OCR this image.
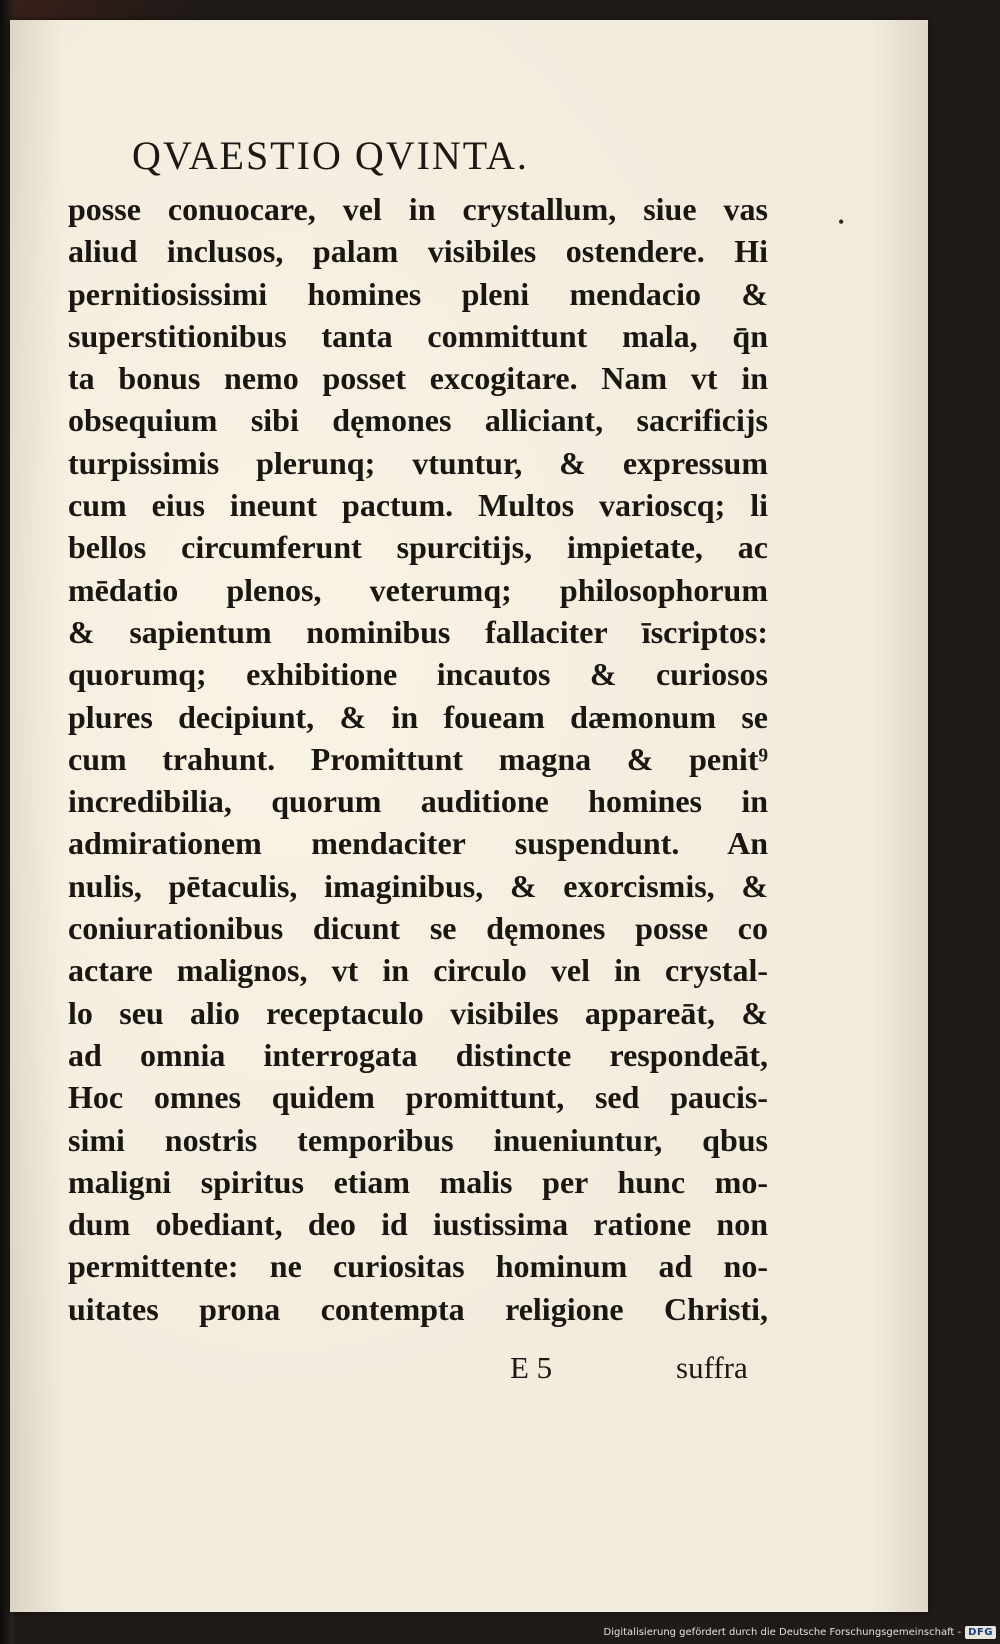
QVAESTIO QVINTA.
•
posse conuocare, vel in crystallum, siue vas
aliud inclusos, palam visibiles ostendere. Hi
pernitiosissimi homines pleni mendacio &
superstitionibus tanta committunt mala, q̄n
ta bonus nemo posset excogitare. Nam vt in
obsequium sibi dęmones alliciant, sacrificijs
turpissimis plerunq; vtuntur, & expressum
cum eius ineunt pactum. Multos varioscq; li
bellos circumferunt spurcitijs, impietate, ac
mēdatio plenos, veterumq; philosophorum
& sapientum nominibus fallaciter īscriptos:
quorumq; exhibitione incautos & curiosos
plures decipiunt, & in foueam dæmonum se
cum trahunt. Promittunt magna & penit⁹
incredibilia, quorum auditione homines in
admirationem mendaciter suspendunt. An
nulis, pētaculis, imaginibus, & exorcismis, &
coniurationibus dicunt se dęmones posse co
actare malignos, vt in circulo vel in crystal-
lo seu alio receptaculo visibiles appareāt, &
ad omnia interrogata distincte respondeāt,
Hoc omnes quidem promittunt, sed paucis-
simi nostris temporibus inueniuntur, qbus
maligni spiritus etiam malis per hunc mo-
dum obediant, deo id iustissima ratione non
permittente: ne curiositas hominum ad no-
uitates prona contempta religione Christi,
E 5	suffra
Digitalisierung gefördert durch die Deutsche Forschungsgemeinschaft - DFG
